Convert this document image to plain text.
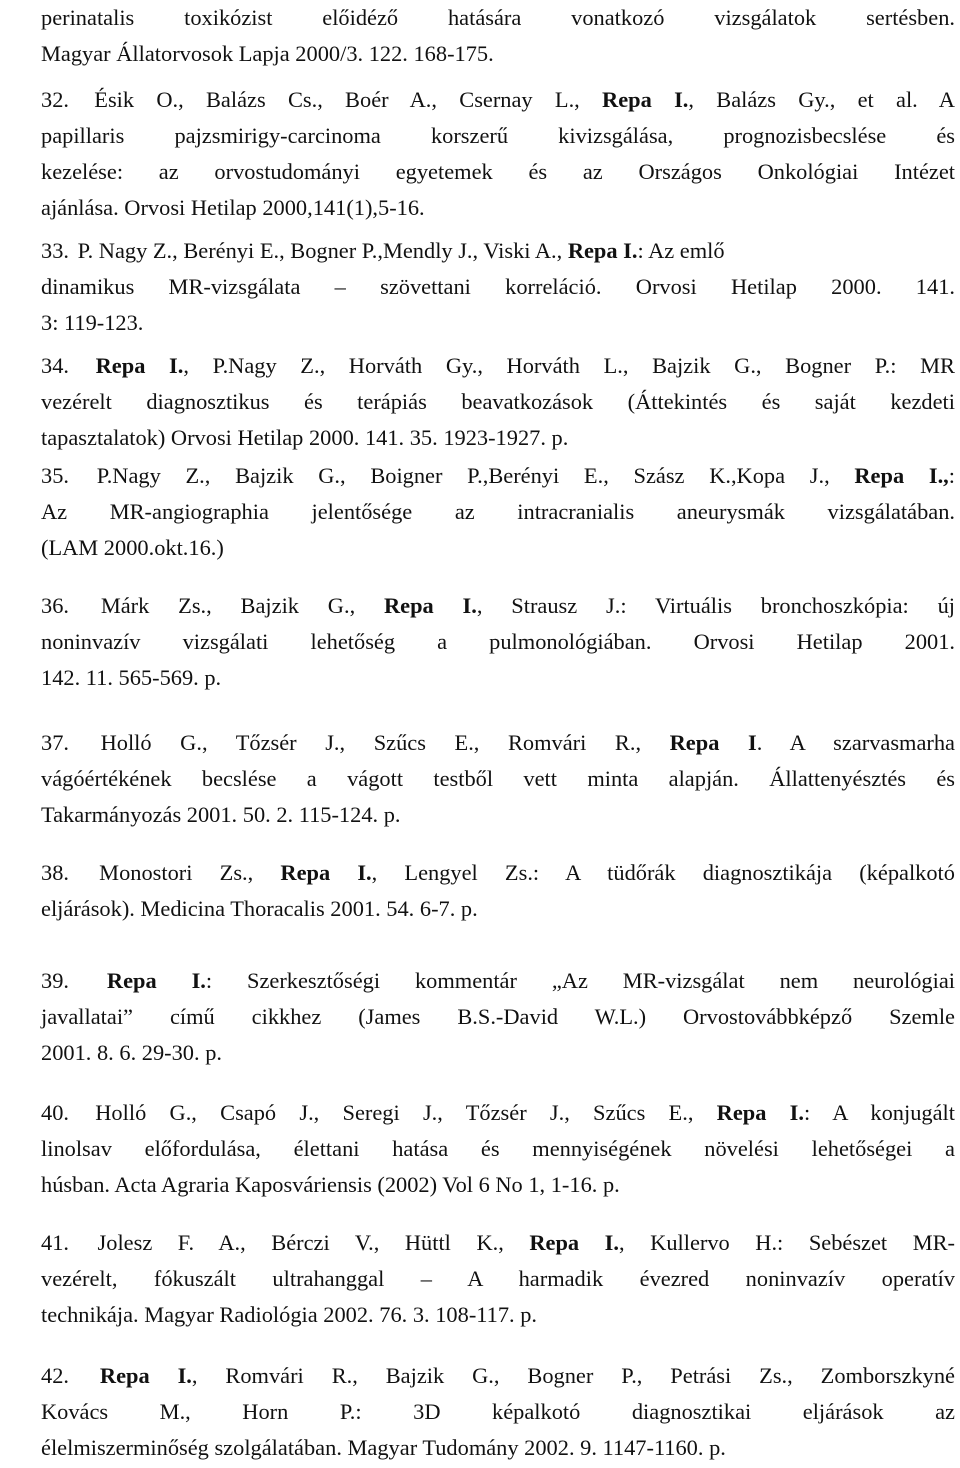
perinatalis toxikózist előidéző hatására vonatkozó vizsgálatok sertésben.
Magyar Állatorvosok Lapja 2000/3. 122. 168-175.
32. Ésik O., Balázs Cs., Boér A., Csernay L., Repa I., Balázs Gy., et al. A
papillaris pajzsmirigy-carcinoma korszerű kivizsgálása, prognozisbecslése és
kezelése: az orvostudományi egyetemek és az Országos Onkológiai Intézet
ajánlása. Orvosi Hetilap 2000,141(1),5-16.
33. P. Nagy Z., Berényi E., Bogner P.,Mendly J., Viski A., Repa I.: Az emlő
dinamikus MR-vizsgálata – szövettani korreláció. Orvosi Hetilap 2000. 141.
3: 119-123.
34. Repa I., P.Nagy Z., Horváth Gy., Horváth L., Bajzik G., Bogner P.: MR
vezérelt diagnosztikus és terápiás beavatkozások (Áttekintés és saját kezdeti
tapasztalatok) Orvosi Hetilap 2000. 141. 35. 1923-1927. p.
35. P.Nagy Z., Bajzik G., Boigner P.,Berényi E., Szász K.,Kopa J., Repa I.,:
Az MR-angiographia jelentősége az intracranialis aneurysmák vizsgálatában.
(LAM 2000.okt.16.)
36. Márk Zs., Bajzik G., Repa I., Strausz J.: Virtuális bronchoszkópia: új
noninvazív vizsgálati lehetőség a pulmonológiában. Orvosi Hetilap 2001.
142. 11. 565-569. p.
37. Holló G., Tőzsér J., Szűcs E., Romvári R., Repa I. A szarvasmarha
vágóértékének becslése a vágott testből vett minta alapján. Állattenyésztés és
Takarmányozás 2001. 50. 2. 115-124. p.
38. Monostori Zs., Repa I., Lengyel Zs.: A tüdőrák diagnosztikája (képalkotó
eljárások). Medicina Thoracalis 2001. 54. 6-7. p.
39. Repa I.: Szerkesztőségi kommentár „Az MR-vizsgálat nem neurológiai
javallatai” című cikkhez (James B.S.-David W.L.) Orvostovábbképző Szemle
2001. 8. 6. 29-30. p.
40. Holló G., Csapó J., Seregi J., Tőzsér J., Szűcs E., Repa I.: A konjugált
linolsav előfordulása, élettani hatása és mennyiségének növelési lehetőségei a
húsban. Acta Agraria Kaposváriensis (2002) Vol 6 No 1, 1-16. p.
41. Jolesz F. A., Bérczi V., Hüttl K., Repa I., Kullervo H.: Sebészet MR-
vezérelt, fókuszált ultrahanggal – A harmadik évezred noninvazív operatív
technikája. Magyar Radiológia 2002. 76. 3. 108-117. p.
42. Repa I., Romvári R., Bajzik G., Bogner P., Petrási Zs., Zomborszkyné
Kovács M., Horn P.: 3D képalkotó diagnosztikai eljárások az
élelmiszerminőség szolgálatában. Magyar Tudomány 2002. 9. 1147-1160. p.
